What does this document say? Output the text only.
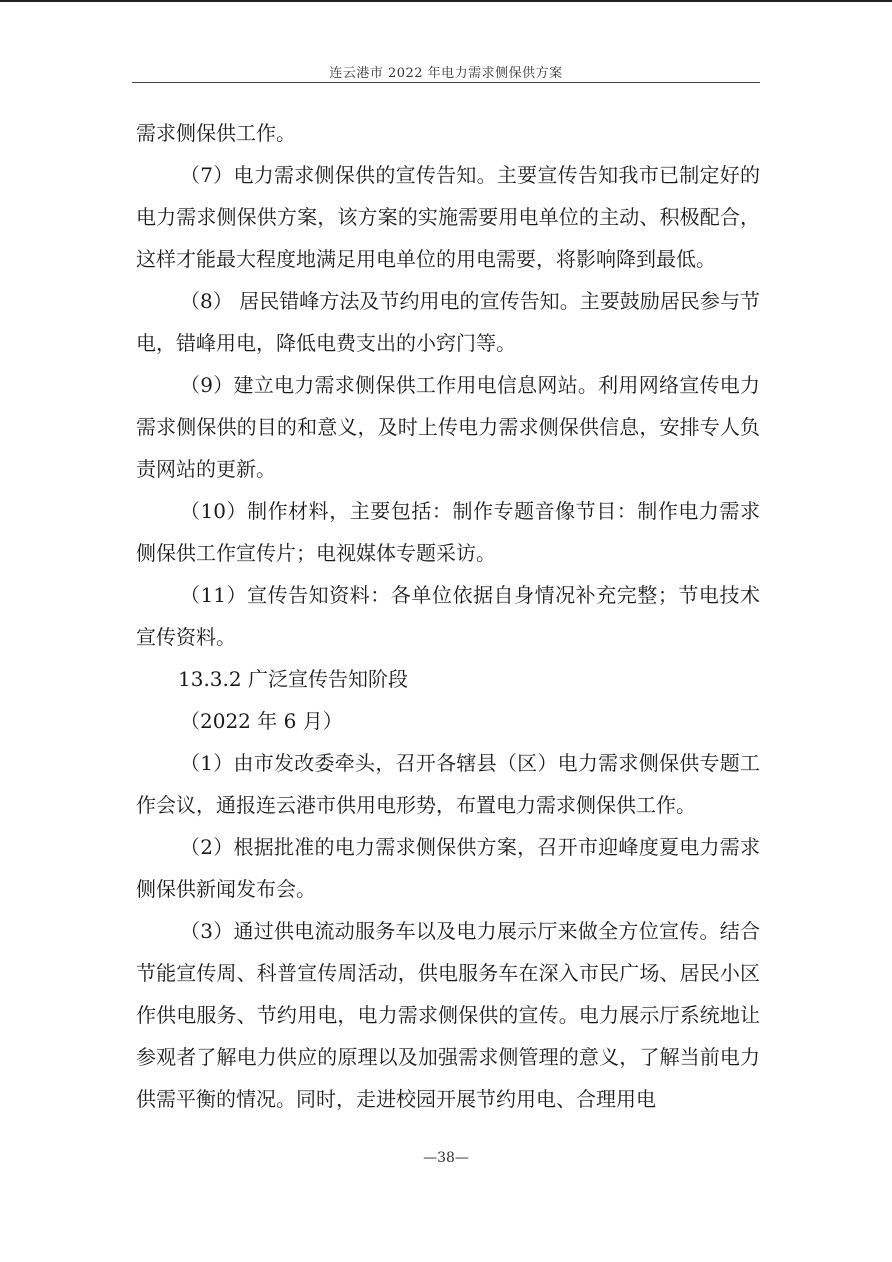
连云港市 2022 年电力需求侧保供方案

需求侧保供工作。

（7）电力需求侧保供的宣传告知。主要宣传告知我市已制定好的电力需求侧保供方案，该方案的实施需要用电单位的主动、积极配合，这样才能最大程度地满足用电单位的用电需要，将影响降到最低。

（8） 居民错峰方法及节约用电的宣传告知。主要鼓励居民参与节电，错峰用电，降低电费支出的小窍门等。

（9）建立电力需求侧保供工作用电信息网站。利用网络宣传电力需求侧保供的目的和意义，及时上传电力需求侧保供信息，安排专人负责网站的更新。

（10）制作材料，主要包括：制作专题音像节目：制作电力需求侧保供工作宣传片；电视媒体专题采访。

（11）宣传告知资料：各单位依据自身情况补充完整；节电技术宣传资料。

13.3.2 广泛宣传告知阶段

（2022 年 6 月）

（1）由市发改委牵头，召开各辖县（区）电力需求侧保供专题工作会议，通报连云港市供用电形势，布置电力需求侧保供工作。

（2）根据批准的电力需求侧保供方案，召开市迎峰度夏电力需求侧保供新闻发布会。

（3）通过供电流动服务车以及电力展示厅来做全方位宣传。结合节能宣传周、科普宣传周活动，供电服务车在深入市民广场、居民小区作供电服务、节约用电，电力需求侧保供的宣传。电力展示厅系统地让参观者了解电力供应的原理以及加强需求侧管理的意义，了解当前电力供需平衡的情况。同时，走进校园开展节约用电、合理用电

—38—
